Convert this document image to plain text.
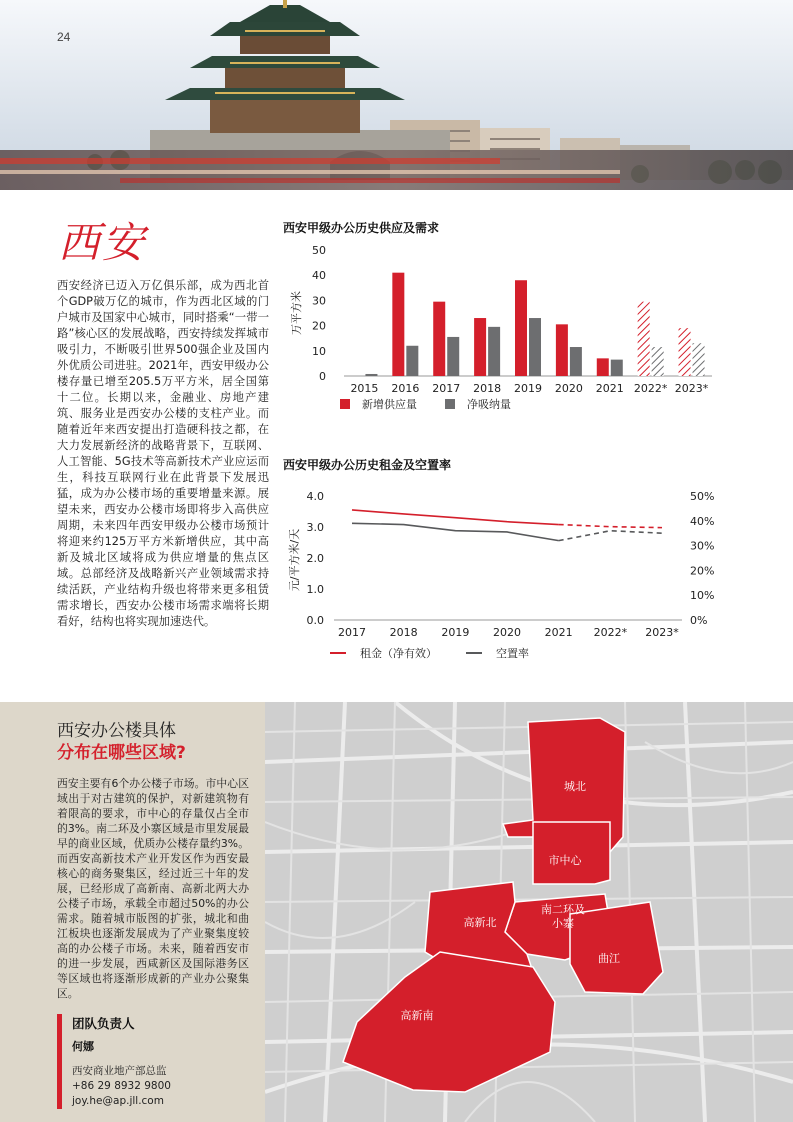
24
西安
西安经济已迈入万亿俱乐部，成为西北首个GDP破万亿的城市，作为西北区域的门户城市及国家中心城市，同时搭乘“一带一路”核心区的发展战略，西安持续发挥城市吸引力，不断吸引世界500强企业及国内外优质公司进驻。2021年，西安甲级办公楼存量已增至205.5万平方米，居全国第十二位。长期以来，金融业、房地产建筑、服务业是西安办公楼的支柱产业。而随着近年来西安提出打造硬科技之都，在大力发展新经济的战略背景下，互联网、人工智能、5G技术等高新技术产业应运而生，科技互联网行业在此背景下发展迅猛，成为办公楼市场的重要增量来源。展望未来，西安办公楼市场即将步入高供应周期，未来四年西安甲级办公楼市场预计将迎来约125万平方米新增供应，其中高新及城北区域将成为供应增量的焦点区域。总部经济及战略新兴产业领域需求持续活跃，产业结构升级也将带来更多租赁需求增长，西安办公楼市场需求端将长期看好，结构也将实现加速迭代。
西安甲级办公历史供应及需求
0
10
20
30
40
50
万平方米
2015 2016 2017 2018 2019 2020 2021 2022* 2023*
新增供应量	净吸纳量
西安甲级办公历史租金及空置率
0.0
1.0
2.0
3.0
4.0
0%
10%
20%
30%
40%
50%
元/平方米/天
2017 2018 2019 2020 2021 2022* 2023*
租金（净有效）	空置率
西安办公楼具体
分布在哪些区域?
西安主要有6个办公楼子市场。市中心区域出于对古建筑的保护，对新建筑物有着限高的要求，市中心的存量仅占全市的3%。南二环及小寨区域是市里发展最早的商业区域，优质办公楼存量约3%。而西安高新技术产业开发区作为西安最核心的商务聚集区，经过近三十年的发展，已经形成了高新南、高新北两大办公楼子市场，承载全市超过50%的办公需求。随着城市版图的扩张，城北和曲江板块也逐渐发展成为了产业聚集度较高的办公楼子市场。未来，随着西安市的进一步发展，西咸新区及国际港务区等区域也将逐渐形成新的产业办公聚集区。
团队负责人
何娜
西安商业地产部总监
+86 29 8932 9800
joy.he@ap.jll.com
城北
市中心
南二环及
小寨
高新北
曲江
高新南
